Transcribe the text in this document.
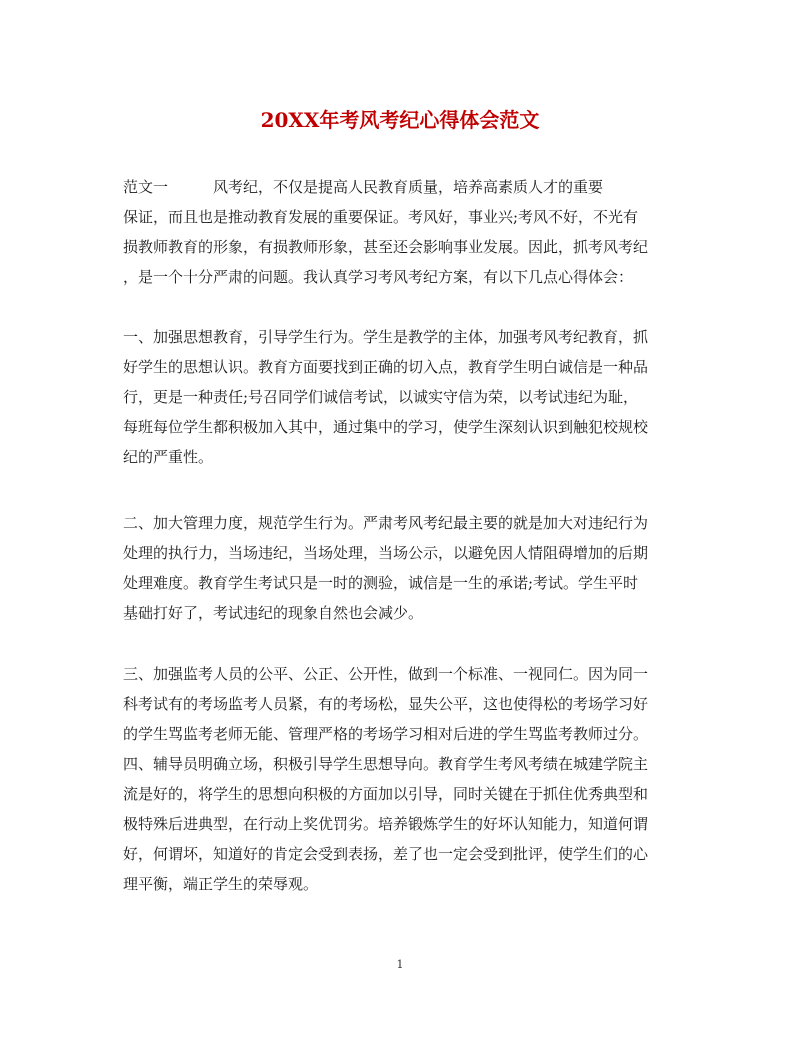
20XX年考风考纪心得体会范文
范文一　　　风考纪，不仅是提高人民教育质量，培养高素质人才的重要
保证，而且也是推动教育发展的重要保证。考风好，事业兴;考风不好，不光有
损教师教育的形象，有损教师形象，甚至还会影响事业发展。因此，抓考风考纪
，是一个十分严肃的问题。我认真学习考风考纪方案，有以下几点心得体会：
一、加强思想教育，引导学生行为。学生是教学的主体，加强考风考纪教育，抓
好学生的思想认识。教育方面要找到正确的切入点，教育学生明白诚信是一种品
行，更是一种责任;号召同学们诚信考试，以诚实守信为荣，以考试违纪为耻，
每班每位学生都积极加入其中，通过集中的学习，使学生深刻认识到触犯校规校
纪的严重性。
二、加大管理力度，规范学生行为。严肃考风考纪最主要的就是加大对违纪行为
处理的执行力，当场违纪，当场处理，当场公示，以避免因人情阻碍增加的后期
处理难度。教育学生考试只是一时的测验，诚信是一生的承诺;考试。学生平时
基础打好了，考试违纪的现象自然也会减少。
三、加强监考人员的公平、公正、公开性，做到一个标准、一视同仁。因为同一
科考试有的考场监考人员紧，有的考场松，显失公平，这也使得松的考场学习好
的学生骂监考老师无能、管理严格的考场学习相对后进的学生骂监考教师过分。
四、辅导员明确立场，积极引导学生思想导向。教育学生考风考绩在城建学院主
流是好的，将学生的思想向积极的方面加以引导，同时关键在于抓住优秀典型和
极特殊后进典型，在行动上奖优罚劣。培养锻炼学生的好坏认知能力，知道何谓
好，何谓坏，知道好的肯定会受到表扬，差了也一定会受到批评，使学生们的心
理平衡，端正学生的荣辱观。
1
